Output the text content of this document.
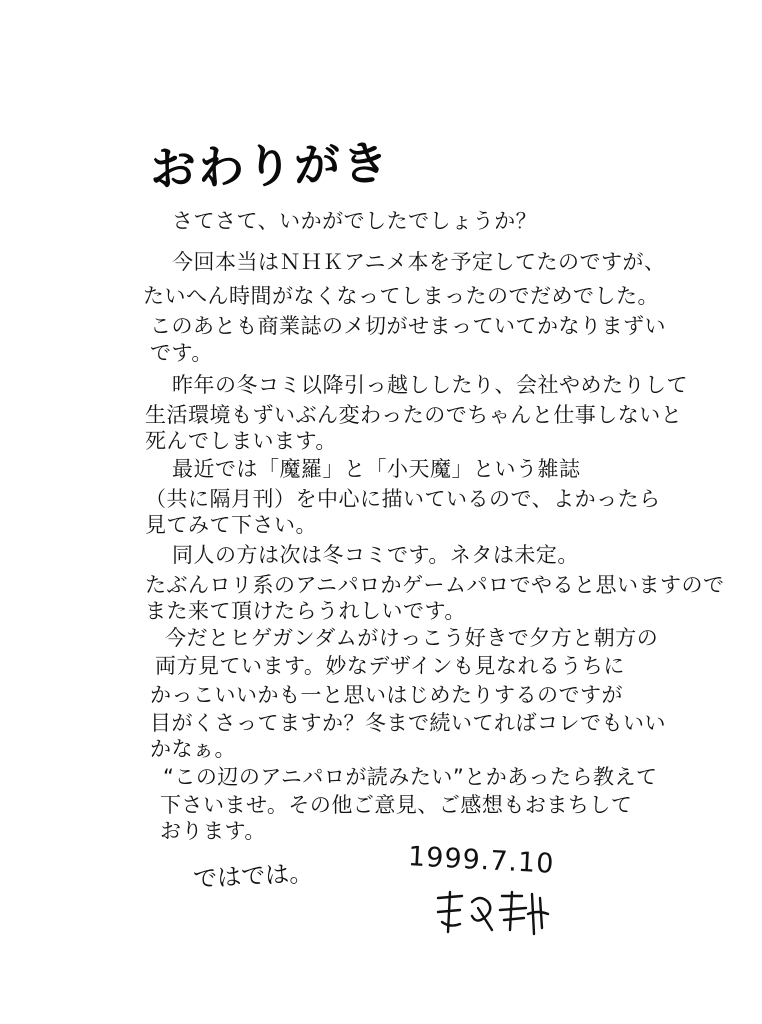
おわりがき
さてさて、いかがでしたでしょうか？
今回本当はＮＨＫアニメ本を予定してたのですが、
たいへん時間がなくなってしまったのでだめでした。
このあとも商業誌のメ切がせまっていてかなりまずい
です。
昨年の冬コミ以降引っ越ししたり、会社やめたりして
生活環境もずいぶん変わったのでちゃんと仕事しないと
死んでしまいます。
最近では「魔羅」と「小天魔」という雑誌
（共に隔月刊）を中心に描いているので、よかったら
見てみて下さい。
同人の方は次は冬コミです。ネタは未定。
たぶんロリ系のアニパロかゲームパロでやると思いますので
また来て頂けたらうれしいです。
今だとヒゲガンダムがけっこう好きで夕方と朝方の
両方見ています。妙なデザインも見なれるうちに
かっこいいかも一と思いはじめたりするのですが
目がくさってますか？冬まで続いてればコレでもいい
かなぁ。
“この辺のアニパロが読みたい”とかあったら教えて
下さいませ。その他ご意見、ご感想もおまちして
おります。
ではでは。	1999.7.10
